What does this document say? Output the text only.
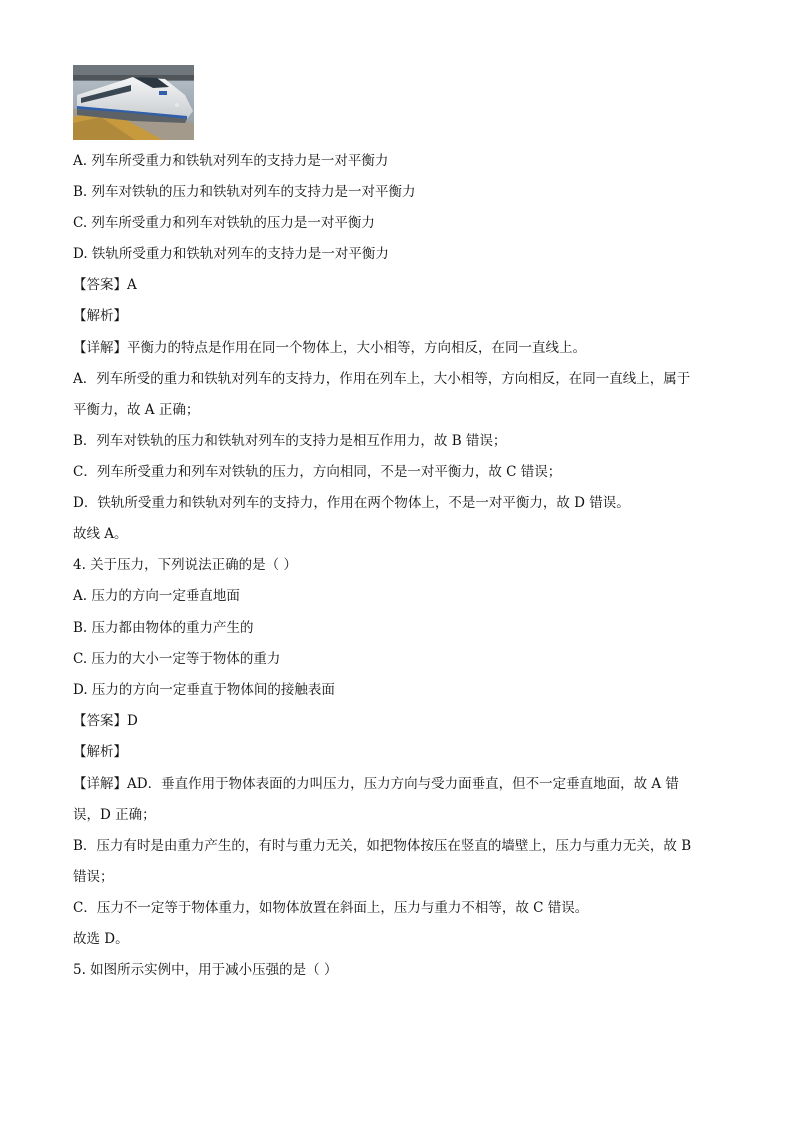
A. 列车所受重力和铁轨对列车的支持力是一对平衡力
B. 列车对铁轨的压力和铁轨对列车的支持力是一对平衡力
C. 列车所受重力和列车对铁轨的压力是一对平衡力
D. 铁轨所受重力和铁轨对列车的支持力是一对平衡力
【答案】A
【解析】
【详解】平衡力的特点是作用在同一个物体上，大小相等，方向相反，在同一直线上。
A．列车所受的重力和铁轨对列车的支持力，作用在列车上，大小相等，方向相反，在同一直线上，属于
平衡力，故 A 正确；
B．列车对铁轨的压力和铁轨对列车的支持力是相互作用力，故 B 错误；
C．列车所受重力和列车对铁轨的压力，方向相同，不是一对平衡力，故 C 错误；
D．铁轨所受重力和铁轨对列车的支持力，作用在两个物体上，不是一对平衡力，故 D 错误。
故线 A。
4. 关于压力，下列说法正确的是（ ）
A. 压力的方向一定垂直地面
B. 压力都由物体的重力产生的
C. 压力的大小一定等于物体的重力
D. 压力的方向一定垂直于物体间的接触表面
【答案】D
【解析】
【详解】AD．垂直作用于物体表面的力叫压力，压力方向与受力面垂直，但不一定垂直地面，故 A 错
误，D 正确；
B．压力有时是由重力产生的，有时与重力无关，如把物体按压在竖直的墙壁上，压力与重力无关，故 B
错误；
C．压力不一定等于物体重力，如物体放置在斜面上，压力与重力不相等，故 C 错误。
故选 D。
5. 如图所示实例中，用于减小压强的是（ ）
